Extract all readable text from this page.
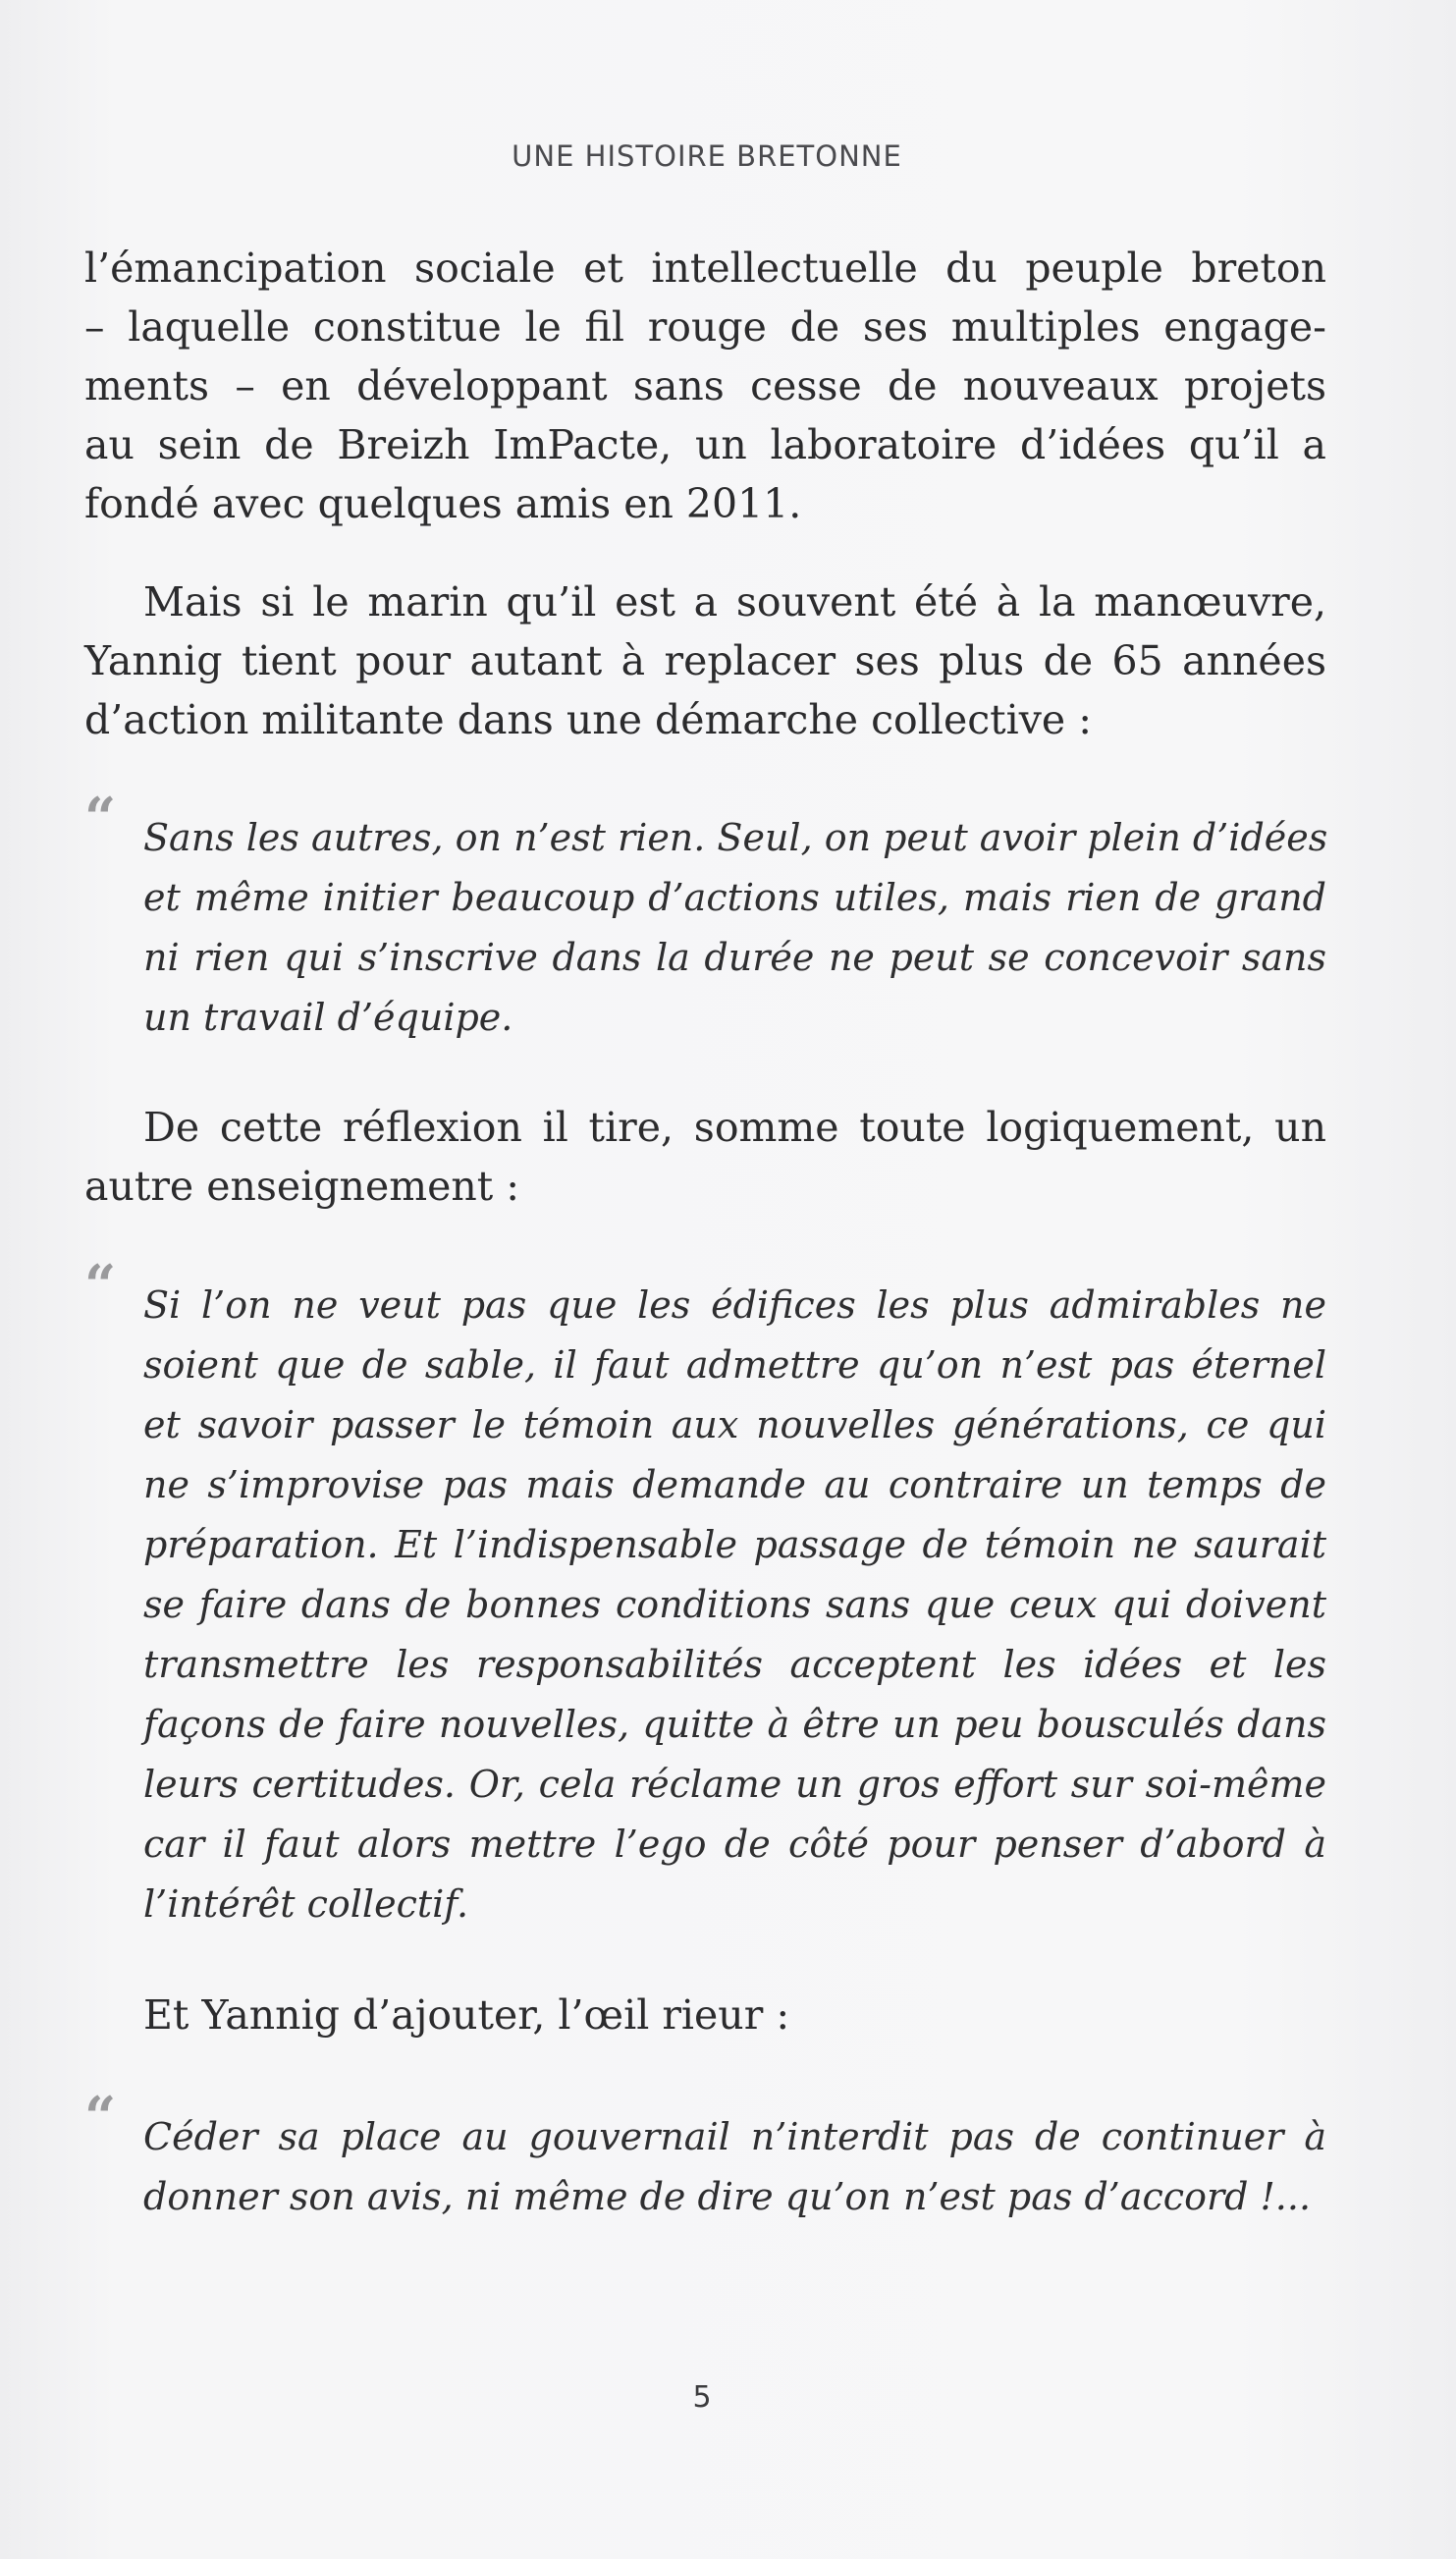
UNE HISTOIRE BRETONNE
l’émancipation sociale et intellectuelle du peuple breton
– laquelle constitue le fil rouge de ses multiples engage-
ments – en développant sans cesse de nouveaux projets
au sein de Breizh ImPacte, un laboratoire d’idées qu’il a
fondé avec quelques amis en 2011.
Mais si le marin qu’il est a souvent été à la manœuvre,
Yannig tient pour autant à replacer ses plus de 65 années
d’action militante dans une démarche collective :
“ Sans les autres, on n’est rien. Seul, on peut avoir plein d’idées
et même initier beaucoup d’actions utiles, mais rien de grand
ni rien qui s’inscrive dans la durée ne peut se concevoir sans
un travail d’équipe.
De cette réflexion il tire, somme toute logiquement, un
autre enseignement :
“ Si l’on ne veut pas que les édifices les plus admirables ne
soient que de sable, il faut admettre qu’on n’est pas éternel
et savoir passer le témoin aux nouvelles générations, ce qui
ne s’improvise pas mais demande au contraire un temps de
préparation. Et l’indispensable passage de témoin ne saurait
se faire dans de bonnes conditions sans que ceux qui doivent
transmettre les responsabilités acceptent les idées et les
façons de faire nouvelles, quitte à être un peu bousculés dans
leurs certitudes. Or, cela réclame un gros effort sur soi-même
car il faut alors mettre l’ego de côté pour penser d’abord à
l’intérêt collectif.
Et Yannig d’ajouter, l’œil rieur :
“ Céder sa place au gouvernail n’interdit pas de continuer à
donner son avis, ni même de dire qu’on n’est pas d’accord !...
5
